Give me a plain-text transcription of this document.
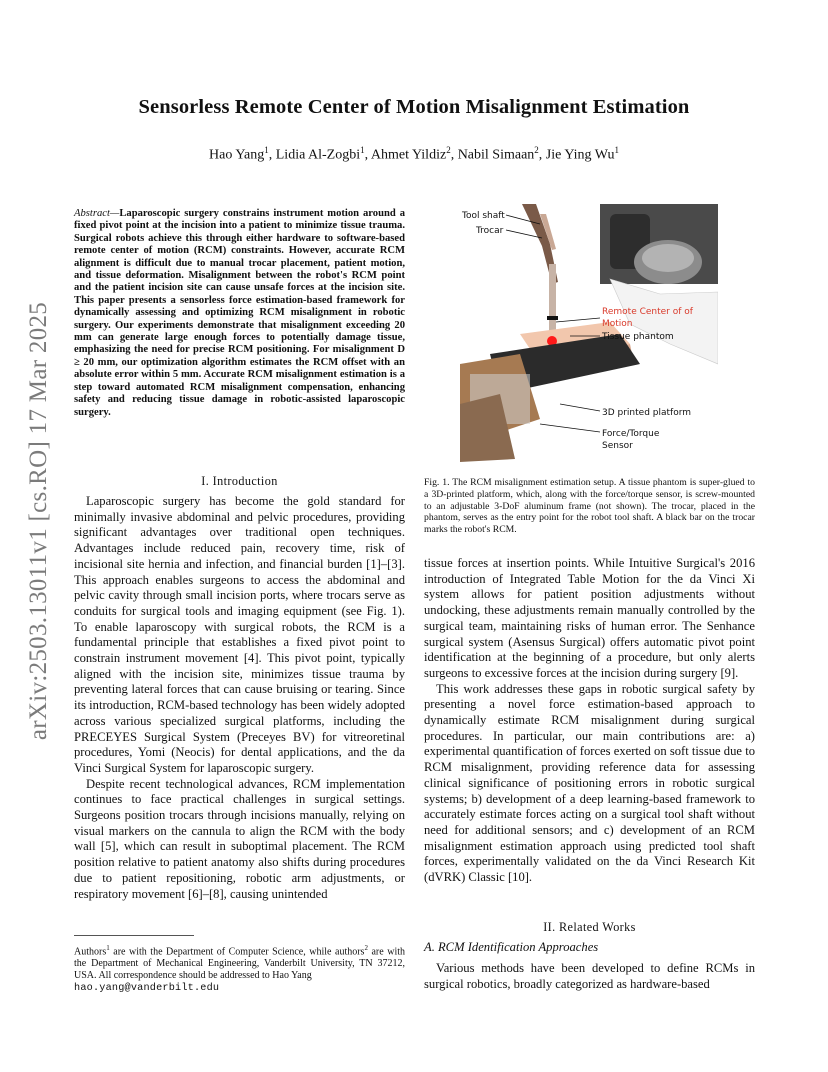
arXiv:2503.13011v1 [cs.RO] 17 Mar 2025
Sensorless Remote Center of Motion Misalignment Estimation
Hao Yang$^1$, Lidia Al-Zogbi$^1$, Ahmet Yildiz$^2$, Nabil Simaan$^2$, Jie Ying Wu$^1$
Abstract—Laparoscopic surgery constrains instrument motion around a fixed pivot point at the incision into a patient to minimize tissue trauma. Surgical robots achieve this through either hardware to software-based remote center of motion (RCM) constraints. However, accurate RCM alignment is difficult due to manual trocar placement, patient motion, and tissue deformation. Misalignment between the robot's RCM point and the patient incision site can cause unsafe forces at the incision site. This paper presents a sensorless force estimation-based framework for dynamically assessing and optimizing RCM misalignment in robotic surgery. Our experiments demonstrate that misalignment exceeding 20 mm can generate large enough forces to potentially damage tissue, emphasizing the need for precise RCM positioning. For misalignment D ≥ 20 mm, our optimization algorithm estimates the RCM offset with an absolute error within 5 mm. Accurate RCM misalignment estimation is a step toward automated RCM misalignment compensation, enhancing safety and reducing tissue damage in robotic-assisted laparoscopic surgery.
I. Introduction

Laparoscopic surgery has become the gold standard for minimally invasive abdominal and pelvic procedures, providing significant advantages over traditional open techniques. Advantages include reduced pain, recovery time, risk of incisional site hernia and infection, and financial burden [1]–[3]. This approach enables surgeons to access the abdominal and pelvic cavity through small incision ports, where trocars serve as conduits for surgical tools and imaging equipment (see Fig. 1). To enable laparoscopy with surgical robots, the RCM is a fundamental principle that establishes a fixed pivot point to constrain instrument movement [4]. This pivot point, typically aligned with the incision site, minimizes tissue trauma by preventing lateral forces that can cause bruising or tearing. Since its introduction, RCM-based technology has been widely adopted across various specialized surgical platforms, including the PRECEYES Surgical System (Preceyes BV) for vitreoretinal procedures, Yomi (Neocis) for dental applications, and the da Vinci Surgical System for laparoscopic surgery.

Despite recent technological advances, RCM implementation continues to face practical challenges in surgical settings. Surgeons position trocars through incisions manually, relying on visual markers on the cannula to align the RCM with the body wall [5], which can result in suboptimal placement. The RCM position relative to patient anatomy also shifts during procedures due to patient repositioning, robotic arm adjustments, or respiratory movement [6]–[8], causing unintended

Authors$^1$ are with the Department of Computer Science, while authors$^2$ are with the Department of Mechanical Engineering, Vanderbilt University, TN 37212, USA. All correspondence should be addressed to Hao Yang
hao.yang@vanderbilt.edu
Tool shaft
Trocar
Remote Center of of
Motion
Tissue phantom
3D printed platform
Force/Torque
Sensor
Fig. 1. The RCM misalignment estimation setup. A tissue phantom is super-glued to a 3D-printed platform, which, along with the force/torque sensor, is screw-mounted to an adjustable 3-DoF aluminum frame (not shown). The trocar, placed in the phantom, serves as the entry point for the robot tool shaft. A black bar on the trocar marks the robot's RCM.

tissue forces at insertion points. While Intuitive Surgical's 2016 introduction of Integrated Table Motion for the da Vinci Xi system allows for patient position adjustments without undocking, these adjustments remain manually controlled by the surgical team, maintaining risks of human error. The Senhance surgical system (Asensus Surgical) offers automatic pivot point identification at the beginning of a procedure, but only alerts surgeons to excessive forces at the incision during surgery [9].

This work addresses these gaps in robotic surgical safety by presenting a novel force estimation-based approach to dynamically estimate RCM misalignment during surgical procedures. In particular, our main contributions are: a) experimental quantification of forces exerted on soft tissue due to RCM misalignment, providing reference data for assessing clinical significance of positioning errors in robotic surgical systems; b) development of a deep learning-based framework to accurately estimate forces acting on a surgical tool shaft without need for additional sensors; and c) development of an RCM misalignment estimation approach using predicted tool shaft forces, experimentally validated on the da Vinci Research Kit (dVRK) Classic [10].

II. Related Works
A. RCM Identification Approaches

Various methods have been developed to define RCMs in surgical robotics, broadly categorized as hardware-based
